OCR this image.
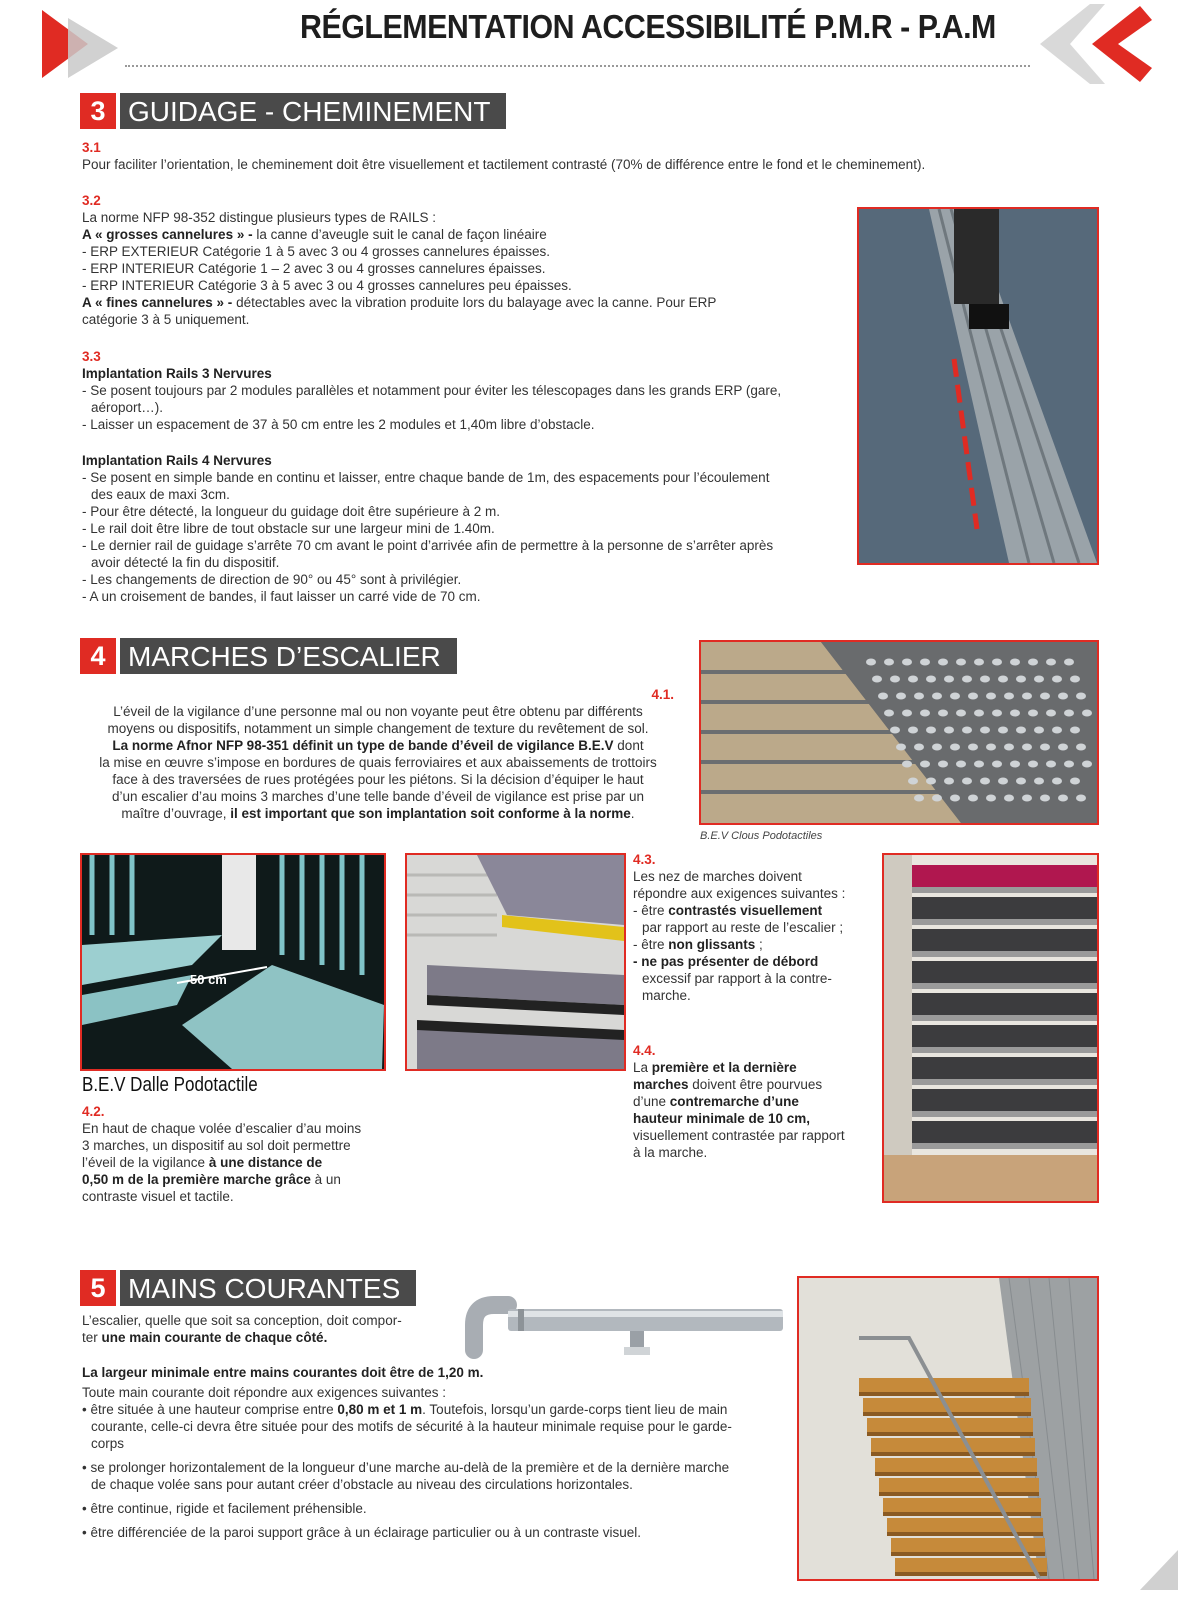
RÉGLEMENTATION ACCESSIBILITÉ P.M.R - P.A.M
3 GUIDAGE - CHEMINEMENT
3.1

Pour faciliter l’orientation, le cheminement doit être visuellement et tactilement contrasté (70% de différence entre le fond et le cheminement).

3.2

La norme NFP 98-352 distingue plusieurs types de RAILS :

A « grosses cannelures » - la canne d’aveugle suit le canal de façon linéaire

- ERP EXTERIEUR Catégorie 1 à 5 avec 3 ou 4 grosses cannelures épaisses.

- ERP INTERIEUR Catégorie 1 – 2 avec 3 ou 4 grosses cannelures épaisses.

- ERP INTERIEUR Catégorie 3 à 5 avec 3 ou 4 grosses cannelures peu épaisses.

A « fines cannelures » - détectables avec la vibration produite lors du balayage avec la canne. Pour ERP

catégorie 3 à 5 uniquement.

3.3

Implantation Rails 3 Nervures

- Se posent toujours par 2 modules parallèles et notamment pour éviter les télescopages dans les grands ERP (gare,

aéroport…).

- Laisser un espacement de 37 à 50 cm entre les 2 modules et 1,40m libre d’obstacle.

Implantation Rails 4 Nervures

- Se posent en simple bande en continu et laisser, entre chaque bande de 1m, des espacements pour l’écoulement

des eaux de maxi 3cm.

- Pour être détecté, la longueur du guidage doit être supérieure à 2 m.

- Le rail doit être libre de tout obstacle sur une largeur mini de 1.40m.

- Le dernier rail de guidage s’arrête 70 cm avant le point d’arrivée afin de permettre à la personne de s’arrêter après

avoir détecté la fin du dispositif.

- Les changements de direction de 90° ou 45° sont à privilégier.

- A un croisement de bandes, il faut laisser un carré vide de 70 cm.

4 MARCHES D’ESCALIER
4.1.

L’éveil de la vigilance d’une personne mal ou non voyante peut être obtenu par différents

moyens ou dispositifs, notamment un simple changement de texture du revêtement de sol.

La norme Afnor NFP 98-351 définit un type de bande d’éveil de vigilance B.E.V dont

la mise en œuvre s’impose en bordures de quais ferroviaires et aux abaissements de trottoirs

face à des traversées de rues protégées pour les piétons. Si la décision d’équiper le haut

d’un escalier d’au moins 3 marches d’une telle bande d’éveil de vigilance est prise par un

maître d’ouvrage, il est important que son implantation soit conforme à la norme.

B.E.V Clous Podotactiles
50 cm
B.E.V Dalle Podotactile
4.2.

En haut de chaque volée d’escalier d’au moins

3 marches, un dispositif au sol doit permettre

l’éveil de la vigilance à une distance de

0,50 m de la première marche grâce à un

contraste visuel et tactile.

4.3.

Les nez de marches doivent

répondre aux exigences suivantes :

- être contrastés visuellement

par rapport au reste de l’escalier ;

- être non glissants ;

- ne pas présenter de débord

excessif par rapport à la contre-

marche.

4.4.

La première et la dernière

marches doivent être pourvues

d’une contremarche d’une

hauteur minimale de 10 cm,

visuellement contrastée par rapport

à la marche.

5 MAINS COURANTES

L’escalier, quelle que soit sa conception, doit compor-

ter une main courante de chaque côté.

La largeur minimale entre mains courantes doit être de 1,20 m.

Toute main courante doit répondre aux exigences suivantes :

• être située à une hauteur comprise entre 0,80 m et 1 m. Toutefois, lorsqu’un garde-corps tient lieu de main

courante, celle-ci devra être située pour des motifs de sécurité à la hauteur minimale requise pour le garde-

corps

• se prolonger horizontalement de la longueur d’une marche au-delà de la première et de la dernière marche

de chaque volée sans pour autant créer d’obstacle au niveau des circulations horizontales.

• être continue, rigide et facilement préhensible.

• être différenciée de la paroi support grâce à un éclairage particulier ou à un contraste visuel.
